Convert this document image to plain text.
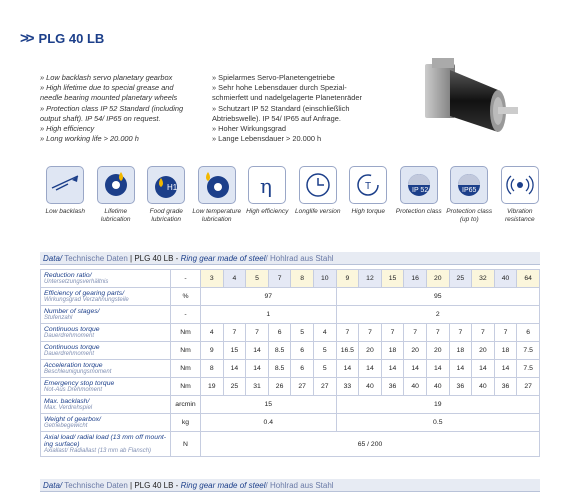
>> PLG 40 LB
» Low backlash servo planetary gearbox
» High lifetime due to special grease and
needle bearing mounted planetary wheels
» Protection class IP 52 Standard (including
output shaft). IP 54/ IP65 on request.
» High efficiency
» Long working life > 20.000 h
» Spielarmes Servo-Planetengetriebe
» Sehr hohe Lebensdauer durch Spezial-
schmierfett und nadelgelagerte Planetenräder
» Schutzart IP 52 Standard (einschließlich
Abtriebswelle). IP 54/ IP65 auf Anfrage.
» Hoher Wirkungsgrad
» Lange Lebensdauer > 20.000 h
Low backlash	Lifetime lubrication
H1
Food grade lubrication
Low temperature lubrication
η
High efficiency	Longlife version
T
High torque
IP 52
Protection class
IP65
Protection class (up to)
Vibration resistance
Data/ Technische Daten | PLG 40 LB - Ring gear made of steel/ Hohlrad aus Stahl
Reduction ratio/
Untersetzungsverhältnis	-	3	4	5	7	8	10	9	12	15	16	20	25	32	40	64
Efficiency of gearing parts/
Wirkungsgrad Verzahnungsteile	%	97						95								
Number of stages/
Stufenzahl	-	1						2								
Continuous torque
Dauerdrehmoment	Nm	4	7	7	6	5	4	7	7	7	7	7	7	7	7	6
Continuous torque
Dauerdrehmoment	Nm	9	15	14	8.5	6	5	16.5	20	18	20	20	18	20	18	7.5
Acceleration torque
Beschleunigungsmoment	Nm	8	14	14	8.5	6	5	14	14	14	14	14	14	14	14	7.5
Emergency stop torque
Not-Aus Drehmoment	Nm	19	25	31	26	27	27	33	40	36	40	40	36	40	36	27
Max. backlash/
Max. Verdrehspiel	arcmin	15						19								
Weight of gearbox/
Getriebegewicht	kg	0.4						0.5								
Axial load/ radial load (13 mm off mount-ing surface)
Axiallast/ Radiallast (13 mm ab Flansch)	N	65 / 200														
Data/ Technische Daten | PLG 40 LB - Ring gear made of steel/ Hohlrad aus Stahl
